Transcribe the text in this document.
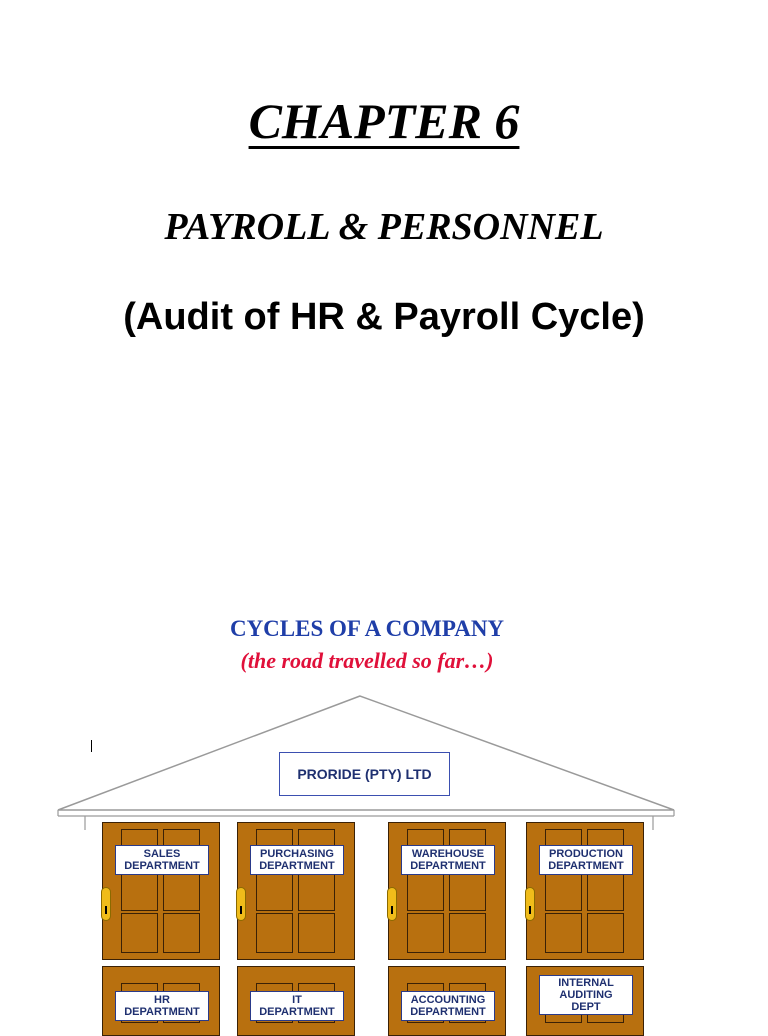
CHAPTER 6
PAYROLL & PERSONNEL
(Audit of HR & Payroll Cycle)
CYCLES OF A COMPANY
(the road travelled so far…)
PRORIDE (PTY) LTD
SALES
DEPARTMENT
PURCHASING
DEPARTMENT
WAREHOUSE
DEPARTMENT
PRODUCTION
DEPARTMENT
HR
DEPARTMENT
IT
DEPARTMENT
ACCOUNTING
DEPARTMENT
INTERNAL
AUDITING
DEPT
